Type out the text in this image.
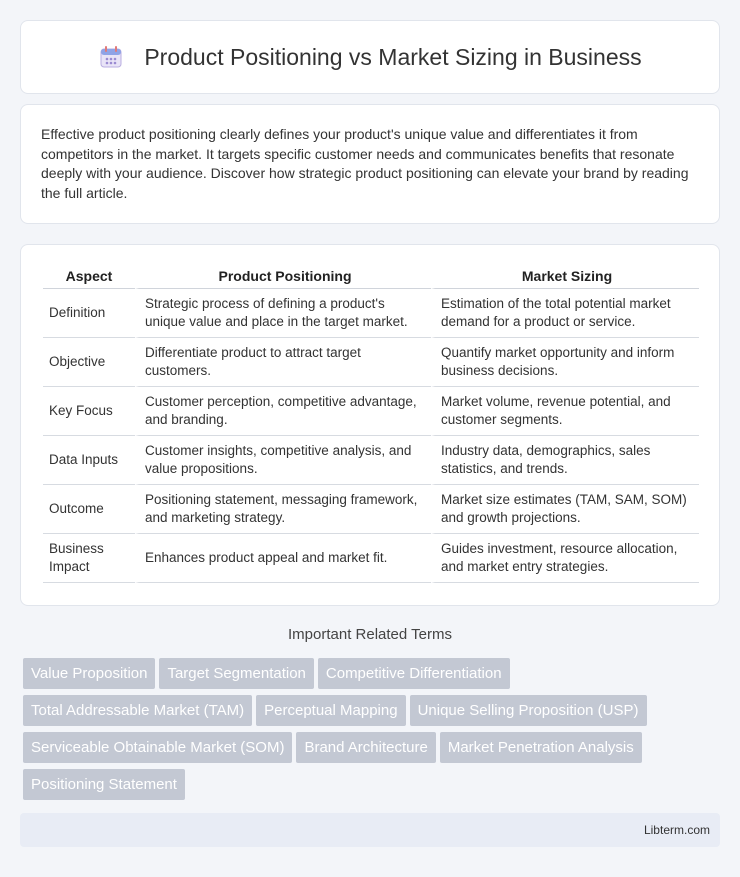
Product Positioning vs Market Sizing in Business

Effective product positioning clearly defines your product's unique value and differentiates it from competitors in the market. It targets specific customer needs and communicates benefits that resonate deeply with your audience. Discover how strategic product positioning can elevate your brand by reading the full article.

Aspect	Product Positioning	Market Sizing
Definition	Strategic process of defining a product's unique value and place in the target market.	Estimation of the total potential market demand for a product or service.
Objective	Differentiate product to attract target customers.	Quantify market opportunity and inform business decisions.
Key Focus	Customer perception, competitive advantage, and branding.	Market volume, revenue potential, and customer segments.
Data Inputs	Customer insights, competitive analysis, and value propositions.	Industry data, demographics, sales statistics, and trends.
Outcome	Positioning statement, messaging framework, and marketing strategy.	Market size estimates (TAM, SAM, SOM) and growth projections.
Business Impact	Enhances product appeal and market fit.	Guides investment, resource allocation, and market entry strategies.
Important Related Terms
Value Proposition Target Segmentation Competitive Differentiation
Total Addressable Market (TAM) Perceptual Mapping Unique Selling Proposition (USP)
Serviceable Obtainable Market (SOM) Brand Architecture Market Penetration Analysis
Positioning Statement
Libterm.com
